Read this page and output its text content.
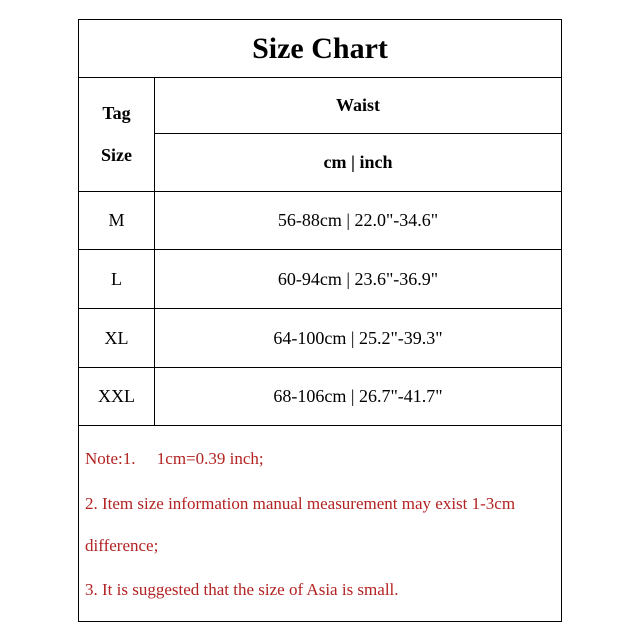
Size Chart
Tag
Size
Waist
cm | inch
M	56-88cm | 22.0"-34.6"
L	60-94cm | 23.6"-36.9"
XL	64-100cm | 25.2"-39.3"
XXL	68-106cm | 26.7"-41.7"
Note:1.     1cm=0.39 inch;
2. Item size information manual measurement may exist 1-3cm
difference;
3. It is suggested that the size of Asia is small.
